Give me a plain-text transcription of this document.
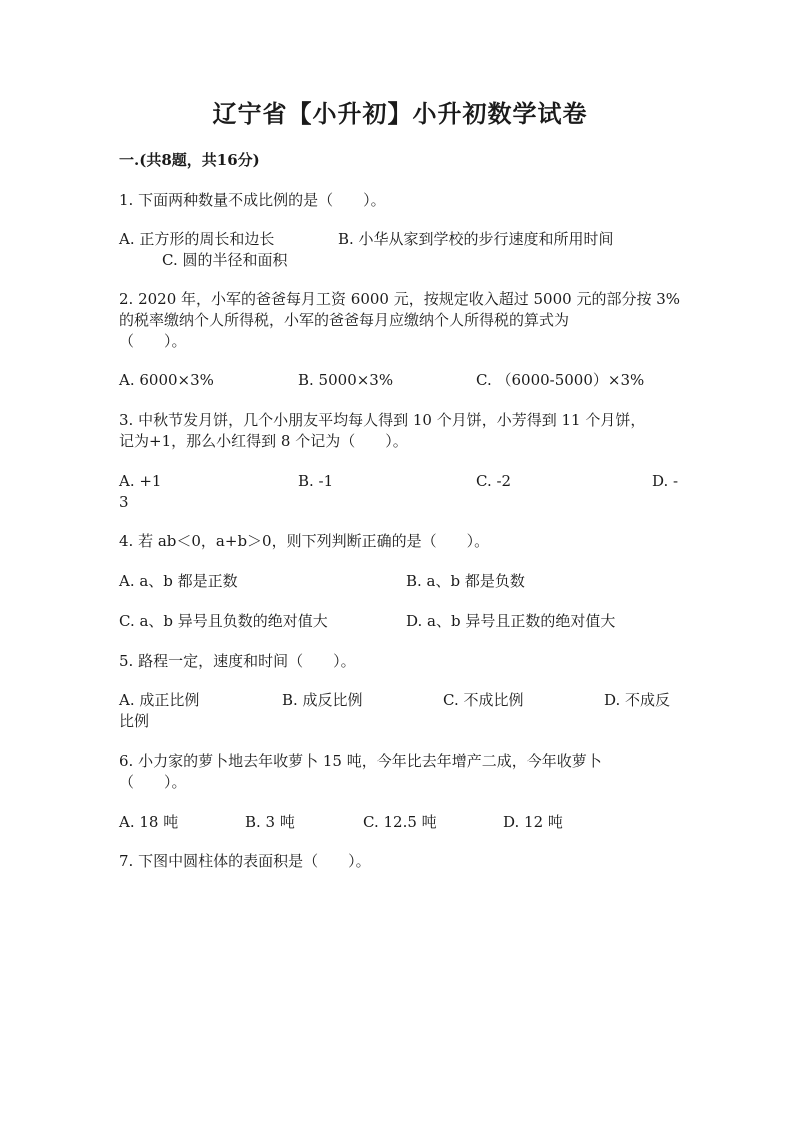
辽宁省【小升初】小升初数学试卷
一.(共8题，共16分)
1. 下面两种数量不成比例的是（　　）。
A. 正方形的周长和边长	B. 小华从家到学校的步行速度和所用时间
C. 圆的半径和面积
2. 2020 年，小军的爸爸每月工资 6000 元，按规定收入超过 5000 元的部分按 3%
的税率缴纳个人所得税，小军的爸爸每月应缴纳个人所得税的算式为
（　　）。
A. 6000×3%	B. 5000×3%	C. （6000-5000）×3%
3. 中秋节发月饼，几个小朋友平均每人得到 10 个月饼，小芳得到 11 个月饼，
记为+1，那么小红得到 8 个记为（　　）。
A. +1	B. -1	C. -2	D. -
3
4. 若 ab＜0，a+b＞0，则下列判断正确的是（　　）。
A. a、b 都是正数	B. a、b 都是负数
C. a、b 异号且负数的绝对值大	D. a、b 异号且正数的绝对值大
5. 路程一定，速度和时间（　　）。
A. 成正比例	B. 成反比例	C. 不成比例	D. 不成反
比例
6. 小力家的萝卜地去年收萝卜 15 吨，今年比去年增产二成，今年收萝卜
（　　）。
A. 18 吨	B. 3 吨	C. 12.5 吨	D. 12 吨
7. 下图中圆柱体的表面积是（　　）。
